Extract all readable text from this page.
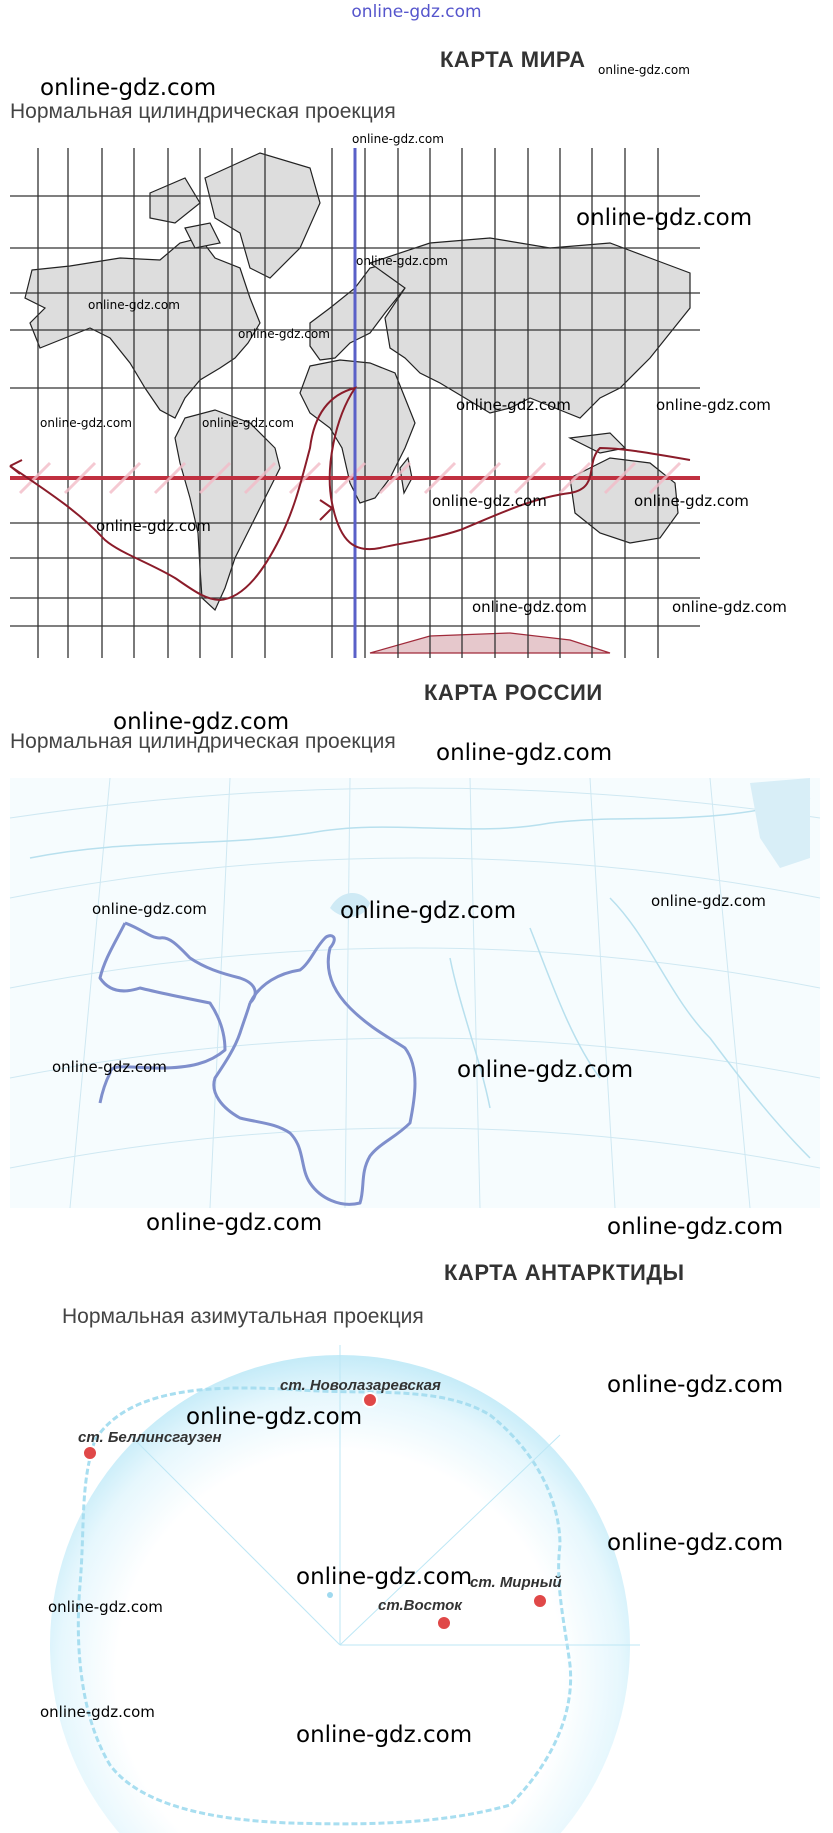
online-gdz.com
КАРТА МИРА
Нормальная цилиндрическая проекция
КАРТА РОССИИ
Нормальная цилиндрическая проекция
КАРТА АНТАРКТИДЫ
Нормальная азимутальная проекция
ст. Новолазаревская
ст. Беллинсгаузен
ст. Мирный
ст.Восток
online-gdz.com
online-gdz.com
online-gdz.com
online-gdz.com
online-gdz.com
online-gdz.com
online-gdz.com
online-gdz.com	online-gdz.com
online-gdz.com	online-gdz.com
online-gdz.com	online-gdz.com
online-gdz.com
online-gdz.com	online-gdz.com
online-gdz.com
online-gdz.com
online-gdz.com	online-gdz.com	online-gdz.com
online-gdz.com	online-gdz.com
online-gdz.com	online-gdz.com
online-gdz.com
online-gdz.com
online-gdz.com
online-gdz.com
online-gdz.com
online-gdz.com
online-gdz.com
